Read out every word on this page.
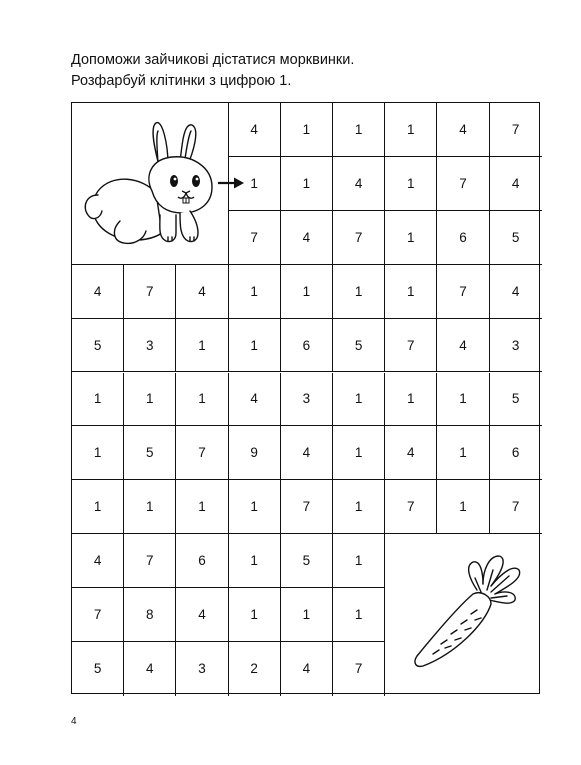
Допоможи зайчикові дістатися морквинки.
Розфарбуй клітинки з цифрою 1.
4	1	1	1	4	7
1	1	4	1	7	4
7	4	7	1	6	5
4	7	4	1	1	1	1	7	4
5	3	1	1	6	5	7	4	3
1	1	1	4	3	1	1	1	5
1	5	7	9	4	1	4	1	6
1	1	1	1	7	1	7	1	7
4	7	6	1	5	1
7	8	4	1	1	1
5	4	3	2	4	7
4
